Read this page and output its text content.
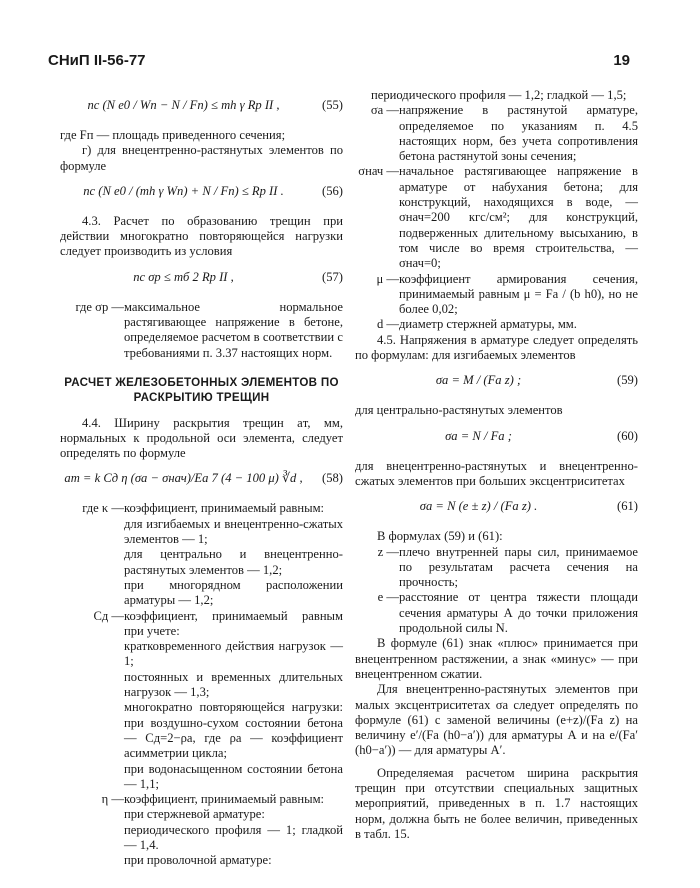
СНиП II-56-77	19
nc (N e0 / Wп − N / Fп) ≤ mh γ Rp II ,	(55)

где Fп — площадь приведенного сечения;

г) для внецентренно-растянутых элементов по формуле

nc (N e0 / (mh γ Wп) + N / Fп) ≤ Rp II .	(56)

4.3. Расчет по образованию трещин при действии многократно повторяющейся нагрузки следует производить из условия

nc σр ≤ mб 2 Rp II ,	(57)
где σр — максимальное нормальное растягивающее напряжение в бетоне, определяемое расчетом в соответствии с требованиями п. 3.37 настоящих норм.

РАСЧЕТ ЖЕЛЕЗОБЕТОННЫХ ЭЛЕМЕНТОВ ПО РАСКРЫТИЮ ТРЕЩИН

4.4. Ширину раскрытия трещин aт, мм, нормальных к продольной оси элемента, следует определять по формуле

aт = k Cд η (σа − σнач)/Eа 7 (4 − 100 μ) ∛d ,	(58)
где κ — коэффициент, принимаемый равным:

для изгибаемых и внецентренно-сжатых элементов — 1;

для центрально и внецентренно-растянутых элементов — 1,2;

при многорядном расположении арматуры — 1,2;

Cд — коэффициент, принимаемый равным при учете:

кратковременного действия нагрузок — 1;

постоянных и временных длительных нагрузок — 1,3;

многократно повторяющейся нагрузки: при воздушно-сухом состоянии бетона — Cд=2−ρа, где ρа — коэффициент асимметрии цикла;

при водонасыщенном состоянии бетона — 1,1;

η — коэффициент, принимаемый равным:

при стержневой арматуре:

периодического профиля — 1; гладкой — 1,4.

при проволочной арматуре:

периодического профиля — 1,2; гладкой — 1,5;

σа — напряжение в растянутой арматуре, определяемое по указаниям п. 4.5 настоящих норм, без учета сопротивления бетона растянутой зоны сечения;

σнач — начальное растягивающее напряжение в арматуре от набухания бетона; для конструкций, находящихся в воде, — σнач=200 кгс/см²; для конструкций, подверженных длительному высыханию, в том числе во время строительства, — σнач=0;

μ — коэффициент армирования сечения, принимаемый равным μ = Fа / (b h0), но не более 0,02;

d — диаметр стержней арматуры, мм.

4.5. Напряжения в арматуре следует определять по формулам: для изгибаемых элементов

σа = M / (Fа z) ;	(59)

для центрально-растянутых элементов

σа = N / Fа ;	(60)

для внецентренно-растянутых и внецентренно-сжатых элементов при больших эксцентриситетах

σа = N (e ± z) / (Fа z) .	(61)

В формулах (59) и (61):

z — плечо внутренней пары сил, принимаемое по результатам расчета сечения на прочность;

e — расстояние от центра тяжести площади сечения арматуры А до точки приложения продольной силы N.

В формуле (61) знак «плюс» принимается при внецентренном растяжении, а знак «минус» — при внецентренном сжатии.

Для внецентренно-растянутых элементов при малых эксцентриситетах σа следует определять по формуле (61) с заменой величины (e+z)/(Fа z) на величину e′/(Fа (h0−a′)) для арматуры А и на e/(Fа′ (h0−a′)) — для арматуры А′.

Определяемая расчетом ширина раскрытия трещин при отсутствии специальных защитных мероприятий, приведенных в п. 1.7 настоящих норм, должна быть не более величин, приведенных в табл. 15.
